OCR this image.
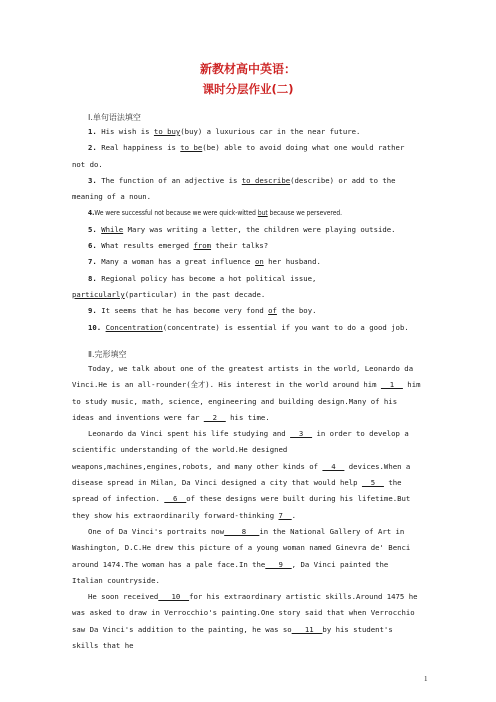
新教材高中英语：
课时分层作业(二)
Ⅰ.单句语法填空
1. His wish is to buy(buy) a luxurious car in the near future.
2. Real happiness is to be(be) able to avoid doing what one would rather not do.
3. The function of an adjective is to describe(describe) or add to the meaning of a noun.
4.We were successful not because we were quick-witted but because we persevered.
5. While Mary was writing a letter, the children were playing outside.
6. What results emerged from their talks?
7. Many a woman has a great influence on her husband.
8. Regional policy has become a hot political issue, particularly(particular) in the past decade.
9. It seems that he has become very fond of the boy.
10. Concentration(concentrate) is essential if you want to do a good job.
Ⅱ.完形填空
Today, we talk about one of the greatest artists in the world, Leonardo da Vinci.He is an all-rounder(全才). His interest in the world around him   1   him to study music, math, science, engineering and building design.Many of his ideas and inventions were far   2   his time.
Leonardo da Vinci spent his life studying and   3   in order to develop a scientific understanding of the world.He designed weapons,machines,engines,robots, and many other kinds of   4   devices.When a disease spread in Milan, Da Vinci designed a city that would help   5   the spread of infection.   6  of these designs were built during his lifetime.But they show his extraordinarily forward-thinking 7  .
One of Da Vinci's portraits now    8   in the National Gallery of Art in Washington, D.C.He drew this picture of a young woman named Ginevra de' Benci around 1474.The woman has a pale face.In the   9  , Da Vinci painted the Italian countryside.
He soon received   10  for his extraordinary artistic skills.Around 1475 he was asked to draw in Verrocchio's painting.One story said that when Verrocchio saw Da Vinci's addition to the painting, he was so   11  by his student's skills that he
1
